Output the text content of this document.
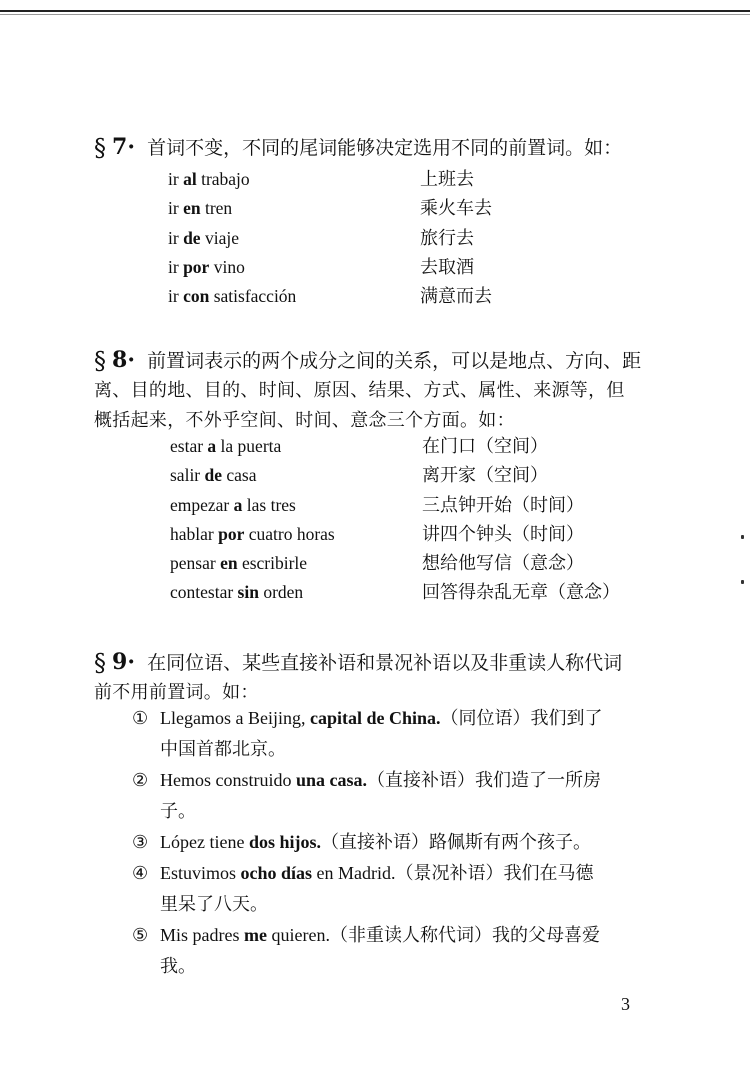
§ 7· 首词不变，不同的尾词能够决定选用不同的前置词。如：
ir al trabajo	上班去
ir en tren	乘火车去
ir de viaje	旅行去
ir por vino	去取酒
ir con satisfacción	满意而去
§ 8· 前置词表示的两个成分之间的关系，可以是地点、方向、距
离、目的地、目的、时间、原因、结果、方式、属性、来源等，但
概括起来，不外乎空间、时间、意念三个方面。如：
estar a la puerta	在门口（空间）
salir de casa	离开家（空间）
empezar a las tres	三点钟开始（时间）
hablar por cuatro horas	讲四个钟头（时间）
pensar en escribirle	想给他写信（意念）
contestar sin orden	回答得杂乱无章（意念）
§ 9· 在同位语、某些直接补语和景况补语以及非重读人称代词
前不用前置词。如：
① Llegamos a Beijing, capital de China.（同位语）我们到了
中国首都北京。
② Hemos construido una casa.（直接补语）我们造了一所房
子。
③ López tiene dos hijos.（直接补语）路佩斯有两个孩子。
④ Estuvimos ocho días en Madrid.（景况补语）我们在马德
里呆了八天。
⑤ Mis padres me quieren.（非重读人称代词）我的父母喜爱
我。
3
